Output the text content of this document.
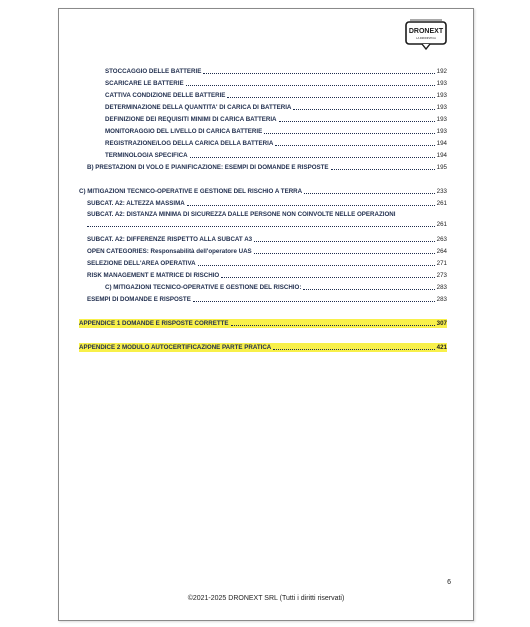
DRONEXT
LA DRONISTICA
STOCCAGGIO DELLE BATTERIE	192
SCARICARE LE BATTERIE	193
CATTIVA CONDIZIONE DELLE BATTERIE	193
DETERMINAZIONE DELLA QUANTITA' DI CARICA DI BATTERIA	193
DEFINIZIONE DEI REQUISITI MINIMI DI CARICA BATTERIA	193
MONITORAGGIO DEL LIVELLO DI CARICA BATTERIE	193
REGISTRAZIONE/LOG DELLA CARICA DELLA BATTERIA	194
TERMINOLOGIA SPECIFICA	194
B) PRESTAZIONI DI VOLO E PIANIFICAZIONE: ESEMPI DI DOMANDE E RISPOSTE	195
C) MITIGAZIONI TECNICO-OPERATIVE E GESTIONE DEL RISCHIO A TERRA	233
SUBCAT. A2: ALTEZZA MASSIMA	261
SUBCAT. A2: DISTANZA MINIMA DI SICUREZZA DALLE PERSONE NON COINVOLTE NELLE OPERAZIONI
261
SUBCAT. A2: DIFFERENZE RISPETTO ALLA SUBCAT A3	263
OPEN CATEGORIES: Responsabilità dell'operatore UAS	264
SELEZIONE DELL'AREA OPERATIVA	271
RISK MANAGEMENT E MATRICE DI RISCHIO	273
C) MITIGAZIONI TECNICO-OPERATIVE E GESTIONE DEL RISCHIO:	283
ESEMPI DI DOMANDE E RISPOSTE	283
APPENDICE 1 DOMANDE E RISPOSTE CORRETTE	307
APPENDICE 2 MODULO AUTOCERTIFICAZIONE PARTE PRATICA	421
6
©2021-2025 DRONEXT SRL (Tutti i diritti riservati)
